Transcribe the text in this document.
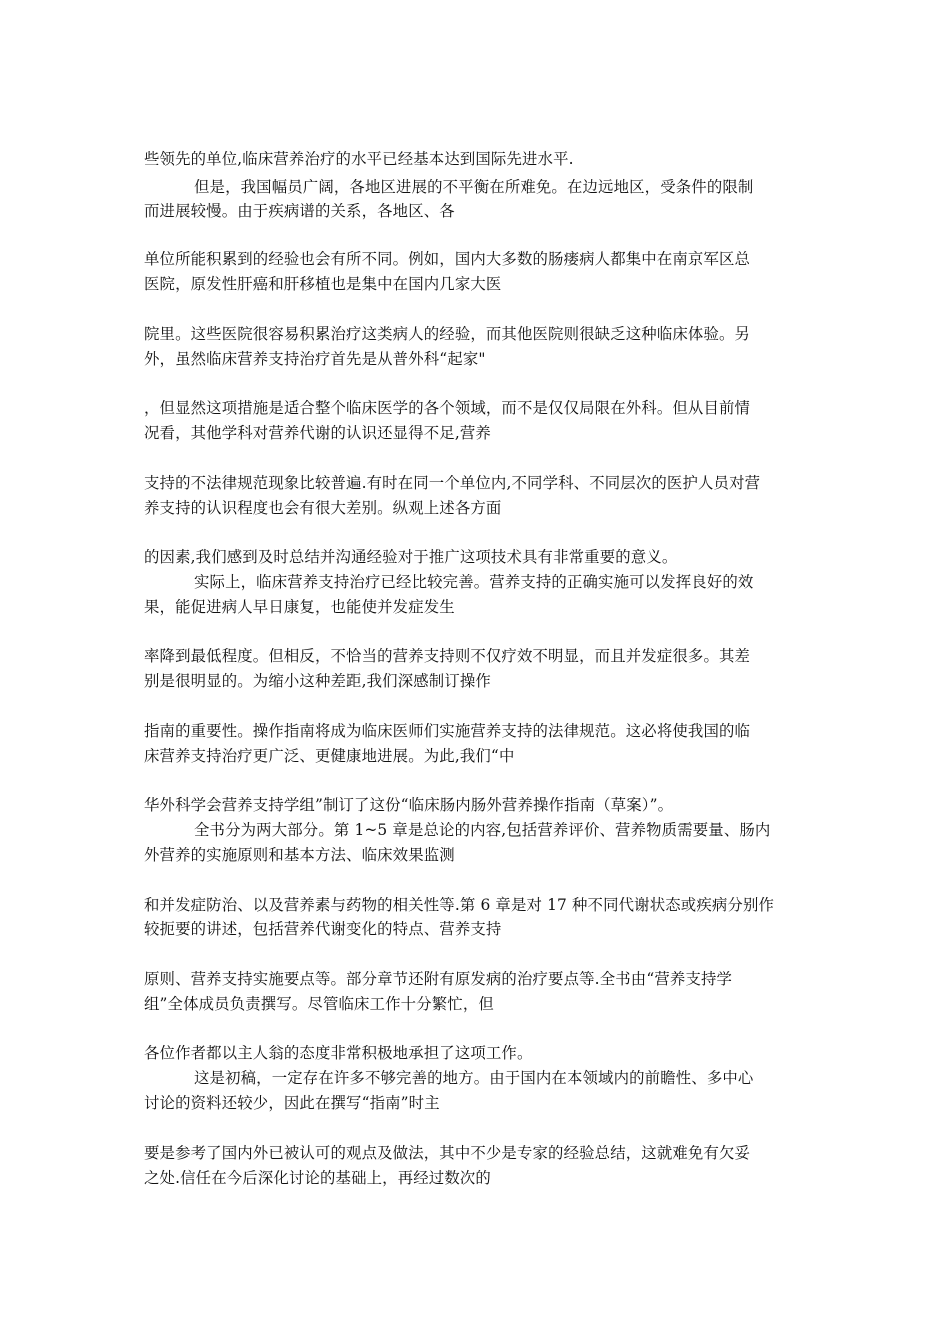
些领先的单位,临床营养治疗的水平已经基本达到国际先进水平.
但是，我国幅员广阔，各地区进展的不平衡在所难免。在边远地区，受条件的限制
而进展较慢。由于疾病谱的关系，各地区、各
单位所能积累到的经验也会有所不同。例如，国内大多数的肠瘘病人都集中在南京军区总
医院，原发性肝癌和肝移植也是集中在国内几家大医
院里。这些医院很容易积累治疗这类病人的经验，而其他医院则很缺乏这种临床体验。另
外，虽然临床营养支持治疗首先是从普外科“起家"
，但显然这项措施是适合整个临床医学的各个领域，而不是仅仅局限在外科。但从目前情
况看，其他学科对营养代谢的认识还显得不足,营养
支持的不法律规范现象比较普遍.有时在同一个单位内,不同学科、不同层次的医护人员对营
养支持的认识程度也会有很大差别。纵观上述各方面
的因素,我们感到及时总结并沟通经验对于推广这项技术具有非常重要的意义。
实际上，临床营养支持治疗已经比较完善。营养支持的正确实施可以发挥良好的效
果，能促进病人早日康复，也能使并发症发生
率降到最低程度。但相反，不恰当的营养支持则不仅疗效不明显，而且并发症很多。其差
别是很明显的。为缩小这种差距,我们深感制订操作
指南的重要性。操作指南将成为临床医师们实施营养支持的法律规范。这必将使我国的临
床营养支持治疗更广泛、更健康地进展。为此,我们“中
华外科学会营养支持学组”制订了这份“临床肠内肠外营养操作指南（草案）”。
全书分为两大部分。第 1~5 章是总论的内容,包括营养评价、营养物质需要量、肠内
外营养的实施原则和基本方法、临床效果监测
和并发症防治、以及营养素与药物的相关性等.第 6 章是对 17 种不同代谢状态或疾病分别作
较扼要的讲述，包括营养代谢变化的特点、营养支持
原则、营养支持实施要点等。部分章节还附有原发病的治疗要点等.全书由“营养支持学
组”全体成员负责撰写。尽管临床工作十分繁忙，但
各位作者都以主人翁的态度非常积极地承担了这项工作。
这是初稿，一定存在许多不够完善的地方。由于国内在本领域内的前瞻性、多中心
讨论的资料还较少，因此在撰写“指南”时主
要是参考了国内外已被认可的观点及做法，其中不少是专家的经验总结，这就难免有欠妥
之处.信任在今后深化讨论的基础上，再经过数次的
